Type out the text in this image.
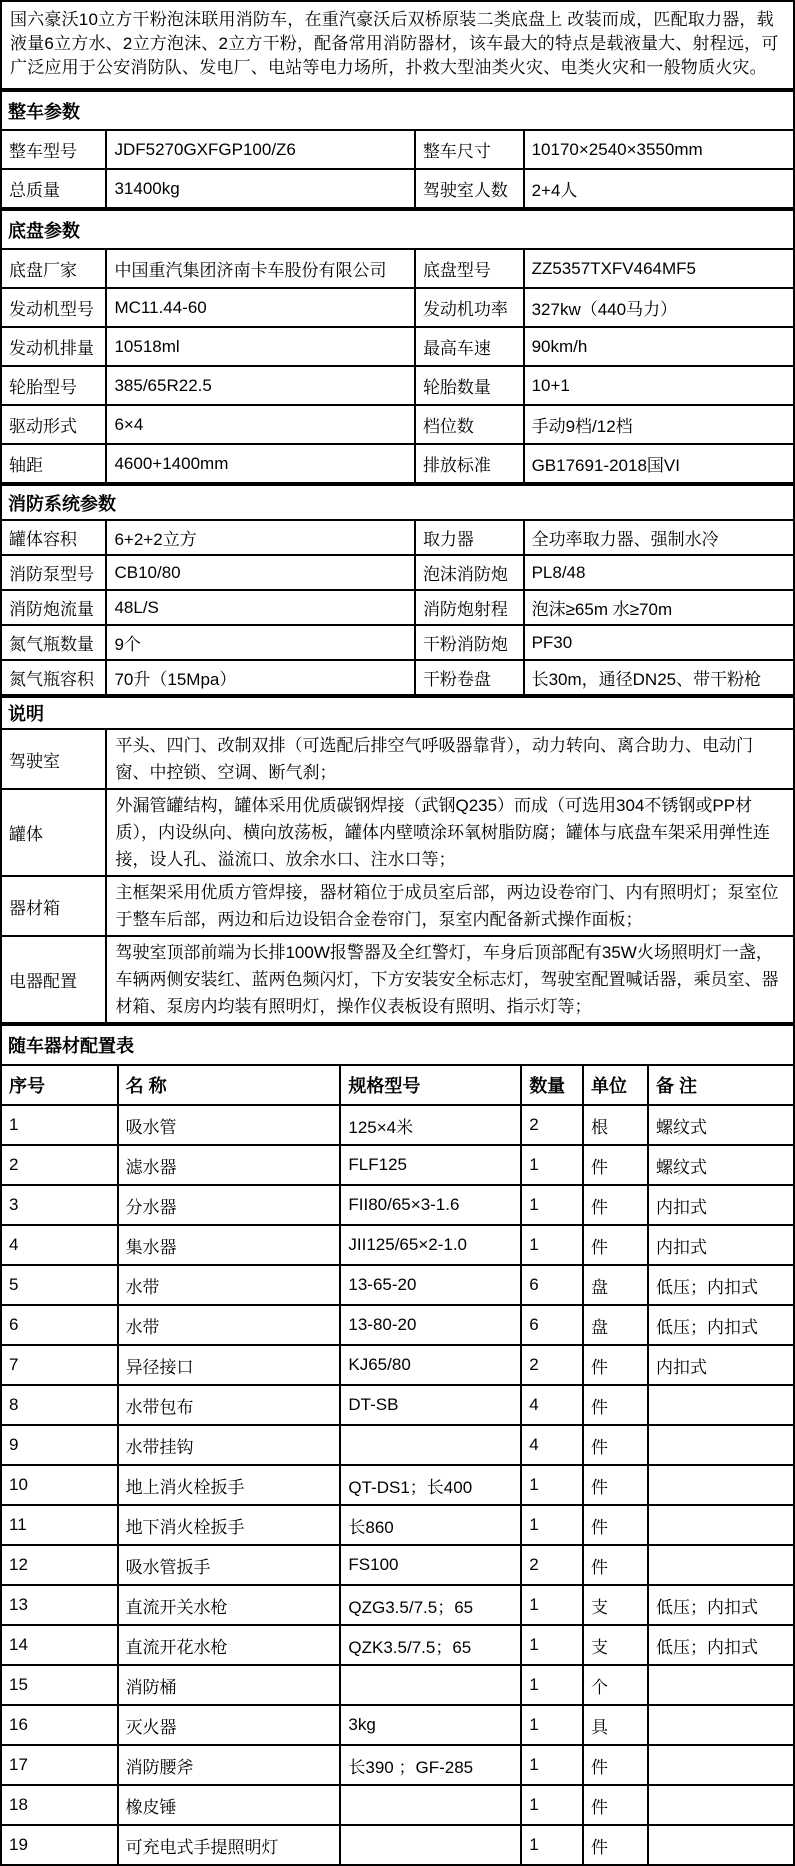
国六豪沃10立方干粉泡沫联用消防车，在重汽豪沃后双桥原装二类底盘上 改装而成，匹配取力器，载液量6立方水、2立方泡沫、2立方干粉，配备常用消防器材，该车最大的特点是载液量大、射程远，可广泛应用于公安消防队、发电厂、电站等电力场所，扑救大型油类火灾、电类火灾和一般物质火灾。
整车参数			
整车型号	JDF5270GXFGP100/Z6	整车尺寸	10170×2540×3550mm
总质量	31400kg	驾驶室人数	2+4人
底盘参数			
底盘厂家	中国重汽集团济南卡车股份有限公司	底盘型号	ZZ5357TXFV464MF5
发动机型号	MC11.44-60	发动机功率	327kw（440马力）
发动机排量	10518ml	最高车速	90km/h
轮胎型号	385/65R22.5	轮胎数量	10+1
驱动形式	6×4	档位数	手动9档/12档
轴距	4600+1400mm	排放标准	GB17691-2018国VI
消防系统参数			
罐体容积	6+2+2立方	取力器	全功率取力器、强制水冷
消防泵型号	CB10/80	泡沫消防炮	PL8/48
消防炮流量	48L/S	消防炮射程	泡沫≥65m 水≥70m
氮气瓶数量	9个	干粉消防炮	PF30
氮气瓶容积	70升（15Mpa）	干粉卷盘	长30m，通径DN25、带干粉枪
说明	
驾驶室	平头、四门、改制双排（可选配后排空气呼吸器靠背），动力转向、离合助力、电动门窗、中控锁、空调、断气刹；
罐体	外漏管罐结构，罐体采用优质碳钢焊接（武钢Q235）而成（可选用304不锈钢或PP材质），内设纵向、横向放荡板，罐体内壁喷涂环氧树脂防腐；罐体与底盘车架采用弹性连接，设人孔、溢流口、放余水口、注水口等；
器材箱	主框架采用优质方管焊接，器材箱位于成员室后部，两边设卷帘门、内有照明灯；泵室位于整车后部，两边和后边设铝合金卷帘门，泵室内配备新式操作面板；
电器配置	驾驶室顶部前端为长排100W报警器及全红警灯，车身后顶部配有35W火场照明灯一盏，车辆两侧安装红、蓝两色频闪灯，下方安装安全标志灯，驾驶室配置喊话器，乘员室、器材箱、泵房内均装有照明灯，操作仪表板设有照明、指示灯等；
随车器材配置表					
序号	名 称	规格型号	数量	单位	备 注
1	吸水管	125×4米	2	根	螺纹式
2	滤水器	FLF125	1	件	螺纹式
3	分水器	FII80/65×3-1.6	1	件	内扣式
4	集水器	JII125/65×2-1.0	1	件	内扣式
5	水带	13-65-20	6	盘	低压；内扣式
6	水带	13-80-20	6	盘	低压；内扣式
7	异径接口	KJ65/80	2	件	内扣式
8	水带包布	DT-SB	4	件	
9	水带挂钩		4	件	
10	地上消火栓扳手	QT-DS1；长400	1	件	
11	地下消火栓扳手	长860	1	件	
12	吸水管扳手	FS100	2	件	
13	直流开关水枪	QZG3.5/7.5；65	1	支	低压；内扣式
14	直流开花水枪	QZK3.5/7.5；65	1	支	低压；内扣式
15	消防桶		1	个	
16	灭火器	3kg	1	具	
17	消防腰斧	长390 ；GF-285	1	件	
18	橡皮锤		1	件	
19	可充电式手提照明灯		1	件	
